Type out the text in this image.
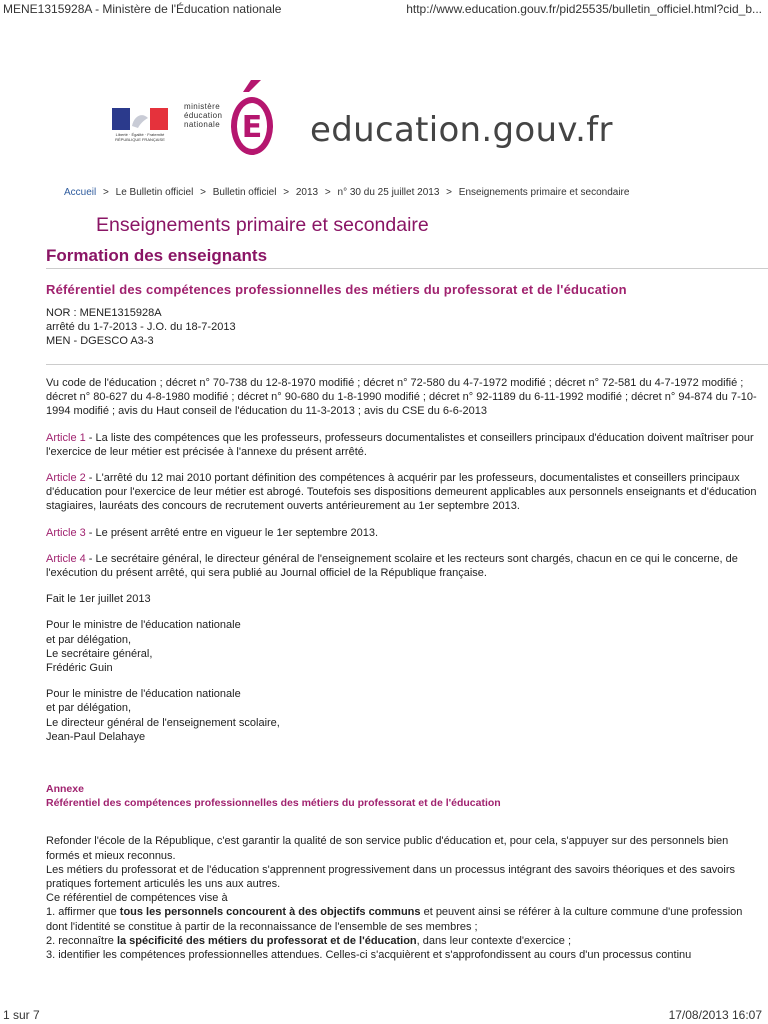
MENE1315928A - Ministère de l'Éducation nationale	http://www.education.gouv.fr/pid25535/bulletin_officiel.html?cid_b...
Liberté · Égalité · Fraternité RÉPUBLIQUE FRANÇAISE
ministère
éducation
nationale E education.gouv.fr
Accueil > Le Bulletin officiel > Bulletin officiel > 2013 > n° 30 du 25 juillet 2013 > Enseignements primaire et secondaire
Enseignements primaire et secondaire
Formation des enseignants
Référentiel des compétences professionnelles des métiers du professorat et de l'éducation
NOR : MENE1315928A
arrêté du 1-7-2013 - J.O. du 18-7-2013
MEN - DGESCO A3-3

Vu code de l'éducation ; décret n° 70-738 du 12-8-1970 modifié ; décret n° 72-580 du 4-7-1972 modifié ; décret n° 72-581 du 4-7-1972 modifié ; décret n° 80-627 du 4-8-1980 modifié ; décret n° 90-680 du 1-8-1990 modifié ; décret n° 92-1189 du 6-11-1992 modifié ; décret n° 94-874 du 7-10-1994 modifié ; avis du Haut conseil de l'éducation du 11-3-2013 ; avis du CSE du 6-6-2013

Article 1 - La liste des compétences que les professeurs, professeurs documentalistes et conseillers principaux d'éducation doivent maîtriser pour l'exercice de leur métier est précisée à l'annexe du présent arrêté.

Article 2 - L'arrêté du 12 mai 2010 portant définition des compétences à acquérir par les professeurs, documentalistes et conseillers principaux d'éducation pour l'exercice de leur métier est abrogé. Toutefois ses dispositions demeurent applicables aux personnels enseignants et d'éducation stagiaires, lauréats des concours de recrutement ouverts antérieurement au 1er septembre 2013.

Article 3 - Le présent arrêté entre en vigueur le 1er septembre 2013.

Article 4 - Le secrétaire général, le directeur général de l'enseignement scolaire et les recteurs sont chargés, chacun en ce qui le concerne, de l'exécution du présent arrêté, qui sera publié au Journal officiel de la République française.

Fait le 1er juillet 2013

Pour le ministre de l'éducation nationale
et par délégation,
Le secrétaire général,
Frédéric Guin

Pour le ministre de l'éducation nationale
et par délégation,
Le directeur général de l'enseignement scolaire,
Jean-Paul Delahaye

Annexe
Référentiel des compétences professionnelles des métiers du professorat et de l'éducation

Refonder l'école de la République, c'est garantir la qualité de son service public d'éducation et, pour cela, s'appuyer sur des personnels bien formés et mieux reconnus.
Les métiers du professorat et de l'éducation s'apprennent progressivement dans un processus intégrant des savoirs théoriques et des savoirs pratiques fortement articulés les uns aux autres.
Ce référentiel de compétences vise à
1. affirmer que tous les personnels concourent à des objectifs communs et peuvent ainsi se référer à la culture commune d'une profession dont l'identité se constitue à partir de la reconnaissance de l'ensemble de ses membres ;
2. reconnaître la spécificité des métiers du professorat et de l'éducation, dans leur contexte d'exercice ;
3. identifier les compétences professionnelles attendues. Celles-ci s'acquièrent et s'approfondissent au cours d'un processus continu
1 sur 7	17/08/2013 16:07
